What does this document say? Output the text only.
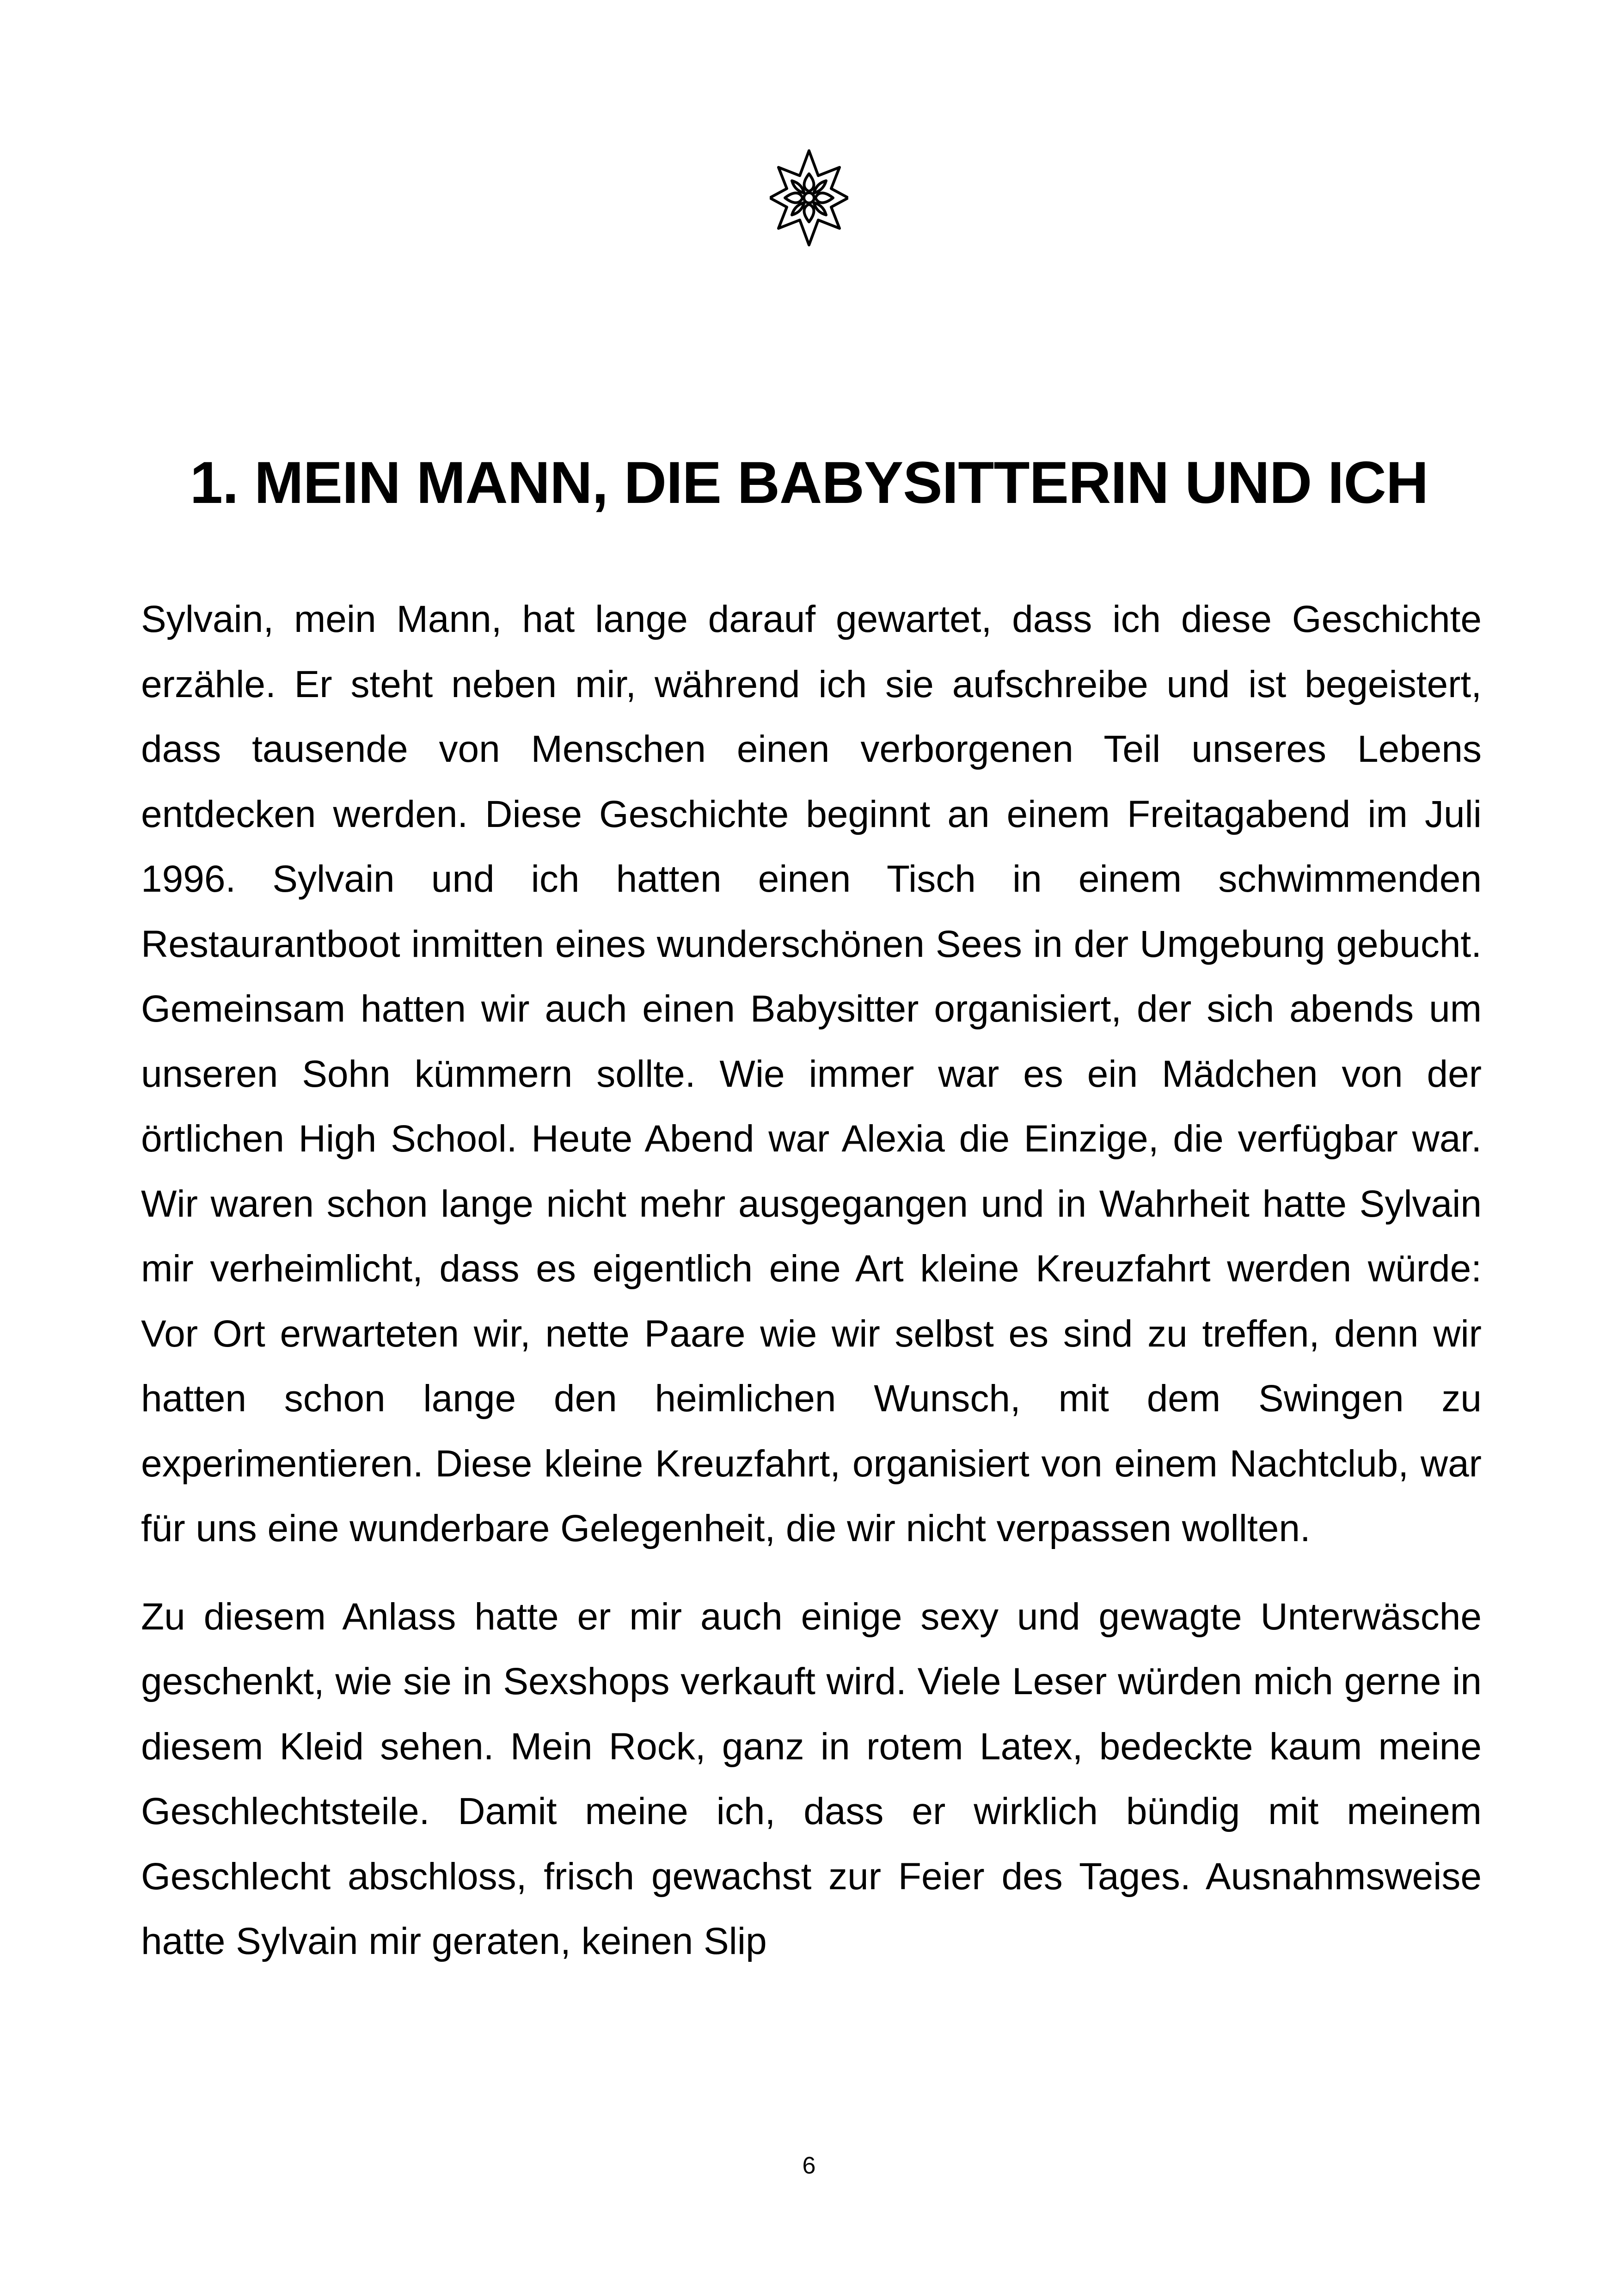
1. MEIN MANN, DIE BABYSITTERIN UND ICH

Sylvain, mein Mann, hat lange darauf gewartet, dass ich diese Geschichte erzähle. Er steht neben mir, während ich sie aufschreibe und ist begeistert, dass tausende von Menschen einen verborgenen Teil unseres Lebens entdecken werden. Diese Geschichte beginnt an einem Freitagabend im Juli 1996. Sylvain und ich hatten einen Tisch in einem schwimmenden Restaurantboot inmitten eines wunderschönen Sees in der Umgebung gebucht. Gemeinsam hatten wir auch einen Babysitter organisiert, der sich abends um unseren Sohn kümmern sollte. Wie immer war es ein Mädchen von der örtlichen High School. Heute Abend war Alexia die Einzige, die verfügbar war. Wir waren schon lange nicht mehr ausgegangen und in Wahrheit hatte Sylvain mir verheimlicht, dass es eigentlich eine Art kleine Kreuzfahrt werden würde: Vor Ort erwarteten wir, nette Paare wie wir selbst es sind zu treffen, denn wir hatten schon lange den heimlichen Wunsch, mit dem Swingen zu experimentieren. Diese kleine Kreuzfahrt, organisiert von einem Nachtclub, war für uns eine wunderbare Gelegenheit, die wir nicht verpassen wollten.

Zu diesem Anlass hatte er mir auch einige sexy und gewagte Unterwäsche geschenkt, wie sie in Sexshops verkauft wird. Viele Leser würden mich gerne in diesem Kleid sehen. Mein Rock, ganz in rotem Latex, bedeckte kaum meine Geschlechtsteile. Damit meine ich, dass er wirklich bündig mit meinem Geschlecht abschloss, frisch gewachst zur Feier des Tages. Ausnahmsweise hatte Sylvain mir geraten, keinen Slip

6
